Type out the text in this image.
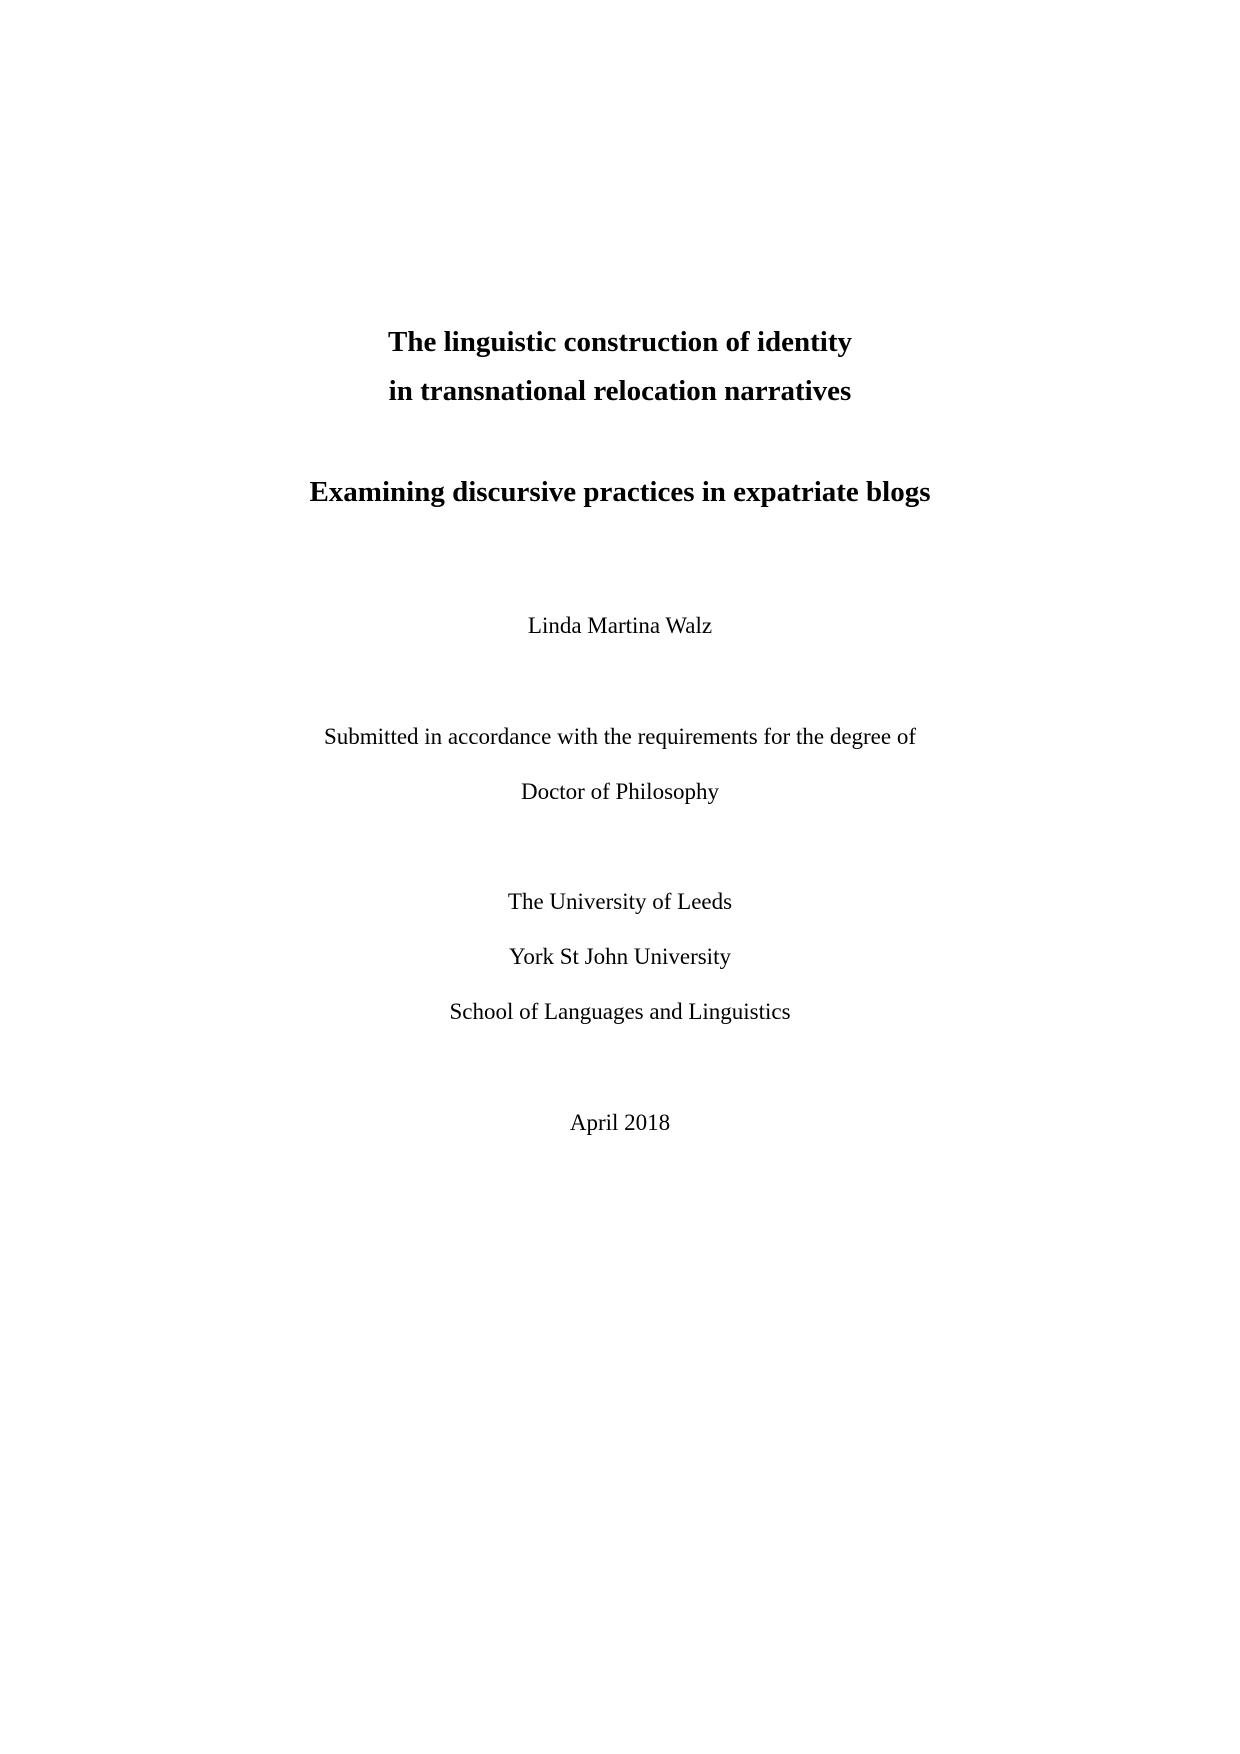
The linguistic construction of identity
in transnational relocation narratives
Examining discursive practices in expatriate blogs
Linda Martina Walz
Submitted in accordance with the requirements for the degree of
Doctor of Philosophy
The University of Leeds
York St John University
School of Languages and Linguistics
April 2018
